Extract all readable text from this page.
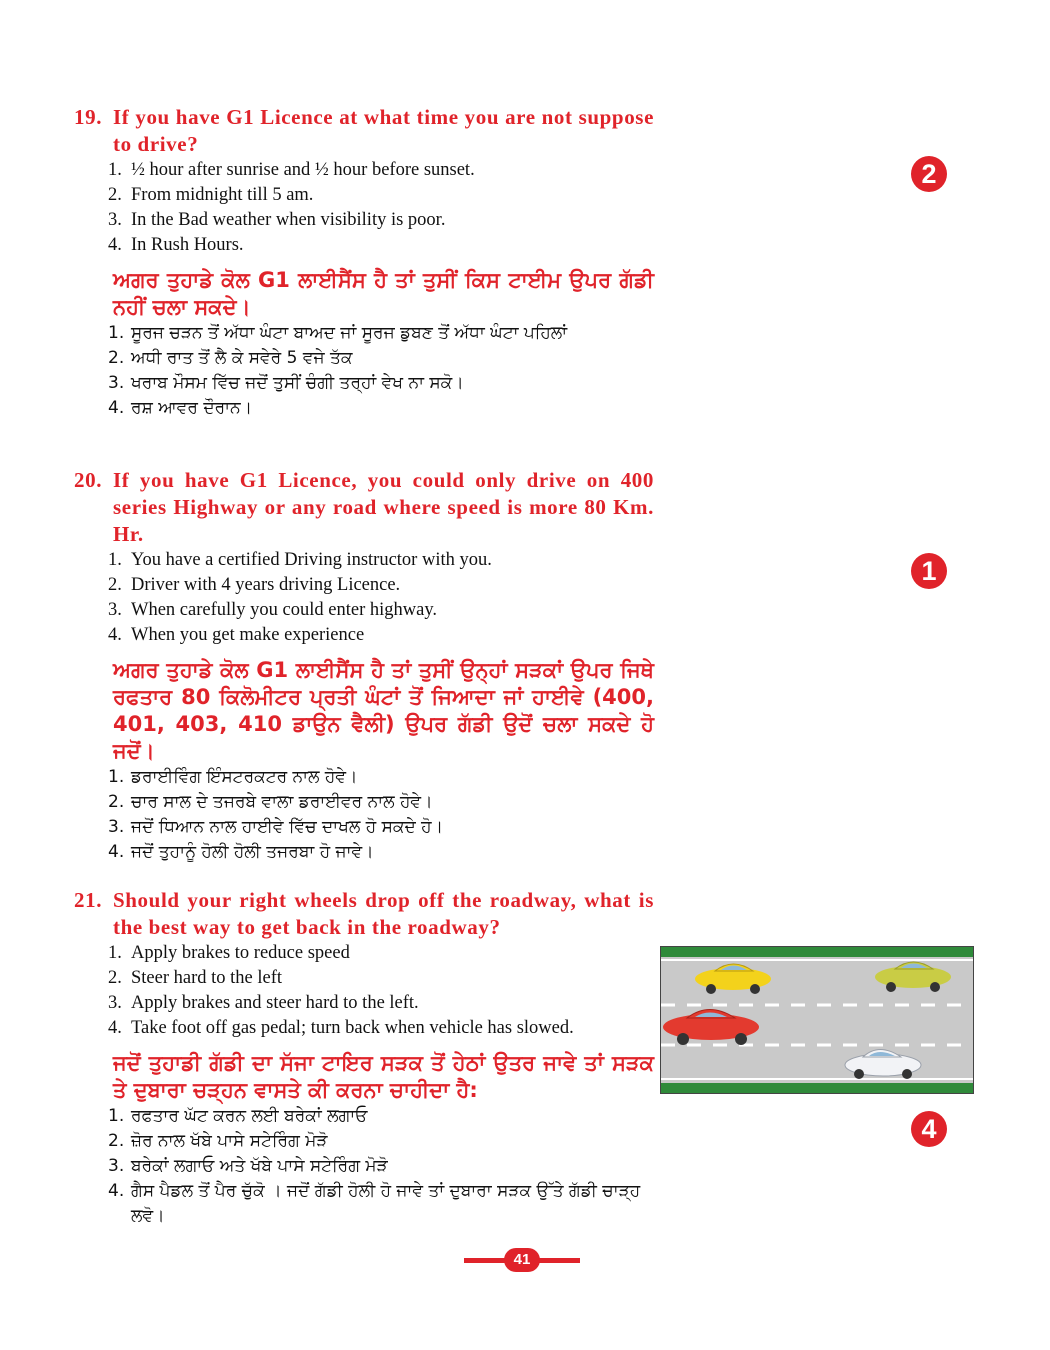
19. If you have G1 Licence at what time you are not suppose to drive?
1. ½ hour after sunrise and ½ hour before sunset.
2. From midnight till 5 am.
3. In the Bad weather when visibility is poor.
4. In Rush Hours.
ਅਗਰ ਤੁਹਾਡੇ ਕੋਲ G1 ਲਾਈਸੈਂਸ ਹੈ ਤਾਂ ਤੁਸੀਂ ਕਿਸ ਟਾਈਮ ਉਪਰ ਗੱਡੀ ਨਹੀਂ ਚਲਾ ਸਕਦੇ।
1. ਸੂਰਜ ਚੜਨ ਤੋਂ ਅੱਧਾ ਘੰਟਾ ਬਾਅਦ ਜਾਂ ਸੂਰਜ ਡੁਬਣ ਤੋਂ ਅੱਧਾ ਘੰਟਾ ਪਹਿਲਾਂ
2. ਅਧੀ ਰਾਤ ਤੋਂ ਲੈ ਕੇ ਸਵੇਰੇ 5 ਵਜੇ ਤੱਕ
3. ਖਰਾਬ ਮੌਸਮ ਵਿੱਚ ਜਦੋਂ ਤੁਸੀਂ ਚੰਗੀ ਤਰ੍ਹਾਂ ਵੇਖ ਨਾ ਸਕੋ।
4. ਰਸ਼ ਆਵਰ ਦੌਰਾਨ।
2
20. If you have G1 Licence, you could only drive on 400 series Highway or any road where speed is more 80 Km. Hr.
1. You have a certified Driving instructor with you.
2. Driver with 4 years driving Licence.
3. When carefully you could enter highway.
4. When you get make experience
ਅਗਰ ਤੁਹਾਡੇ ਕੋਲ G1 ਲਾਈਸੈਂਸ ਹੈ ਤਾਂ ਤੁਸੀਂ ਉਨ੍ਹਾਂ ਸੜਕਾਂ ਉਪਰ ਜਿਥੇ ਰਫਤਾਰ 80 ਕਿਲੋਮੀਟਰ ਪ੍ਰਤੀ ਘੰਟਾਂ ਤੋਂ ਜਿਆਦਾ ਜਾਂ ਹਾਈਵੇ (400, 401, 403, 410 ਡਾਉਨ ਵੈਲੀ) ਉਪਰ ਗੱਡੀ ਉਦੋਂ ਚਲਾ ਸਕਦੇ ਹੋ ਜਦੋਂ।
1. ਡਰਾਈਵਿੰਗ ਇੰਸਟਰਕਟਰ ਨਾਲ ਹੋਵੇ।
2. ਚਾਰ ਸਾਲ ਦੇ ਤਜਰਬੇ ਵਾਲਾ ਡਰਾਈਵਰ ਨਾਲ ਹੋਵੇ।
3. ਜਦੋਂ ਧਿਆਨ ਨਾਲ ਹਾਈਵੇ ਵਿੱਚ ਦਾਖਲ ਹੋ ਸਕਦੇ ਹੋ।
4. ਜਦੋਂ ਤੁਹਾਨੂੰ ਹੋਲੀ ਹੋਲੀ ਤਜਰਬਾ ਹੋ ਜਾਵੇ।
1
21. Should your right wheels drop off the roadway, what is the best way to get back in the roadway?
1. Apply brakes to reduce speed
2. Steer hard to the left
3. Apply brakes and steer hard to the left.
4. Take foot off gas pedal; turn back when vehicle has slowed.
ਜਦੋਂ ਤੁਹਾਡੀ ਗੱਡੀ ਦਾ ਸੱਜਾ ਟਾਇਰ ਸੜਕ ਤੋਂ ਹੇਠਾਂ ਉਤਰ ਜਾਵੇ ਤਾਂ ਸੜਕ ਤੇ ਦੁਬਾਰਾ ਚੜ੍ਹਨ ਵਾਸਤੇ ਕੀ ਕਰਨਾ ਚਾਹੀਦਾ ਹੈ:
1. ਰਫਤਾਰ ਘੱਟ ਕਰਨ ਲਈ ਬਰੇਕਾਂ ਲਗਾਓ
2. ਜ਼ੋਰ ਨਾਲ ਖੱਬੇ ਪਾਸੇ ਸਟੇਰਿੰਗ ਮੋੜੋ
3. ਬਰੇਕਾਂ ਲਗਾਓ ਅਤੇ ਖੱਬੇ ਪਾਸੇ ਸਟੇਰਿੰਗ ਮੋੜੋ
4. ਗੈਸ ਪੈਡਲ ਤੋਂ ਪੈਰ ਚੁੱਕੋ । ਜਦੋਂ ਗੱਡੀ ਹੋਲੀ ਹੋ ਜਾਵੇ ਤਾਂ ਦੁਬਾਰਾ ਸੜਕ ਉੱਤੇ ਗੱਡੀ ਚਾੜ੍ਹ ਲਵੋ।
4
41
